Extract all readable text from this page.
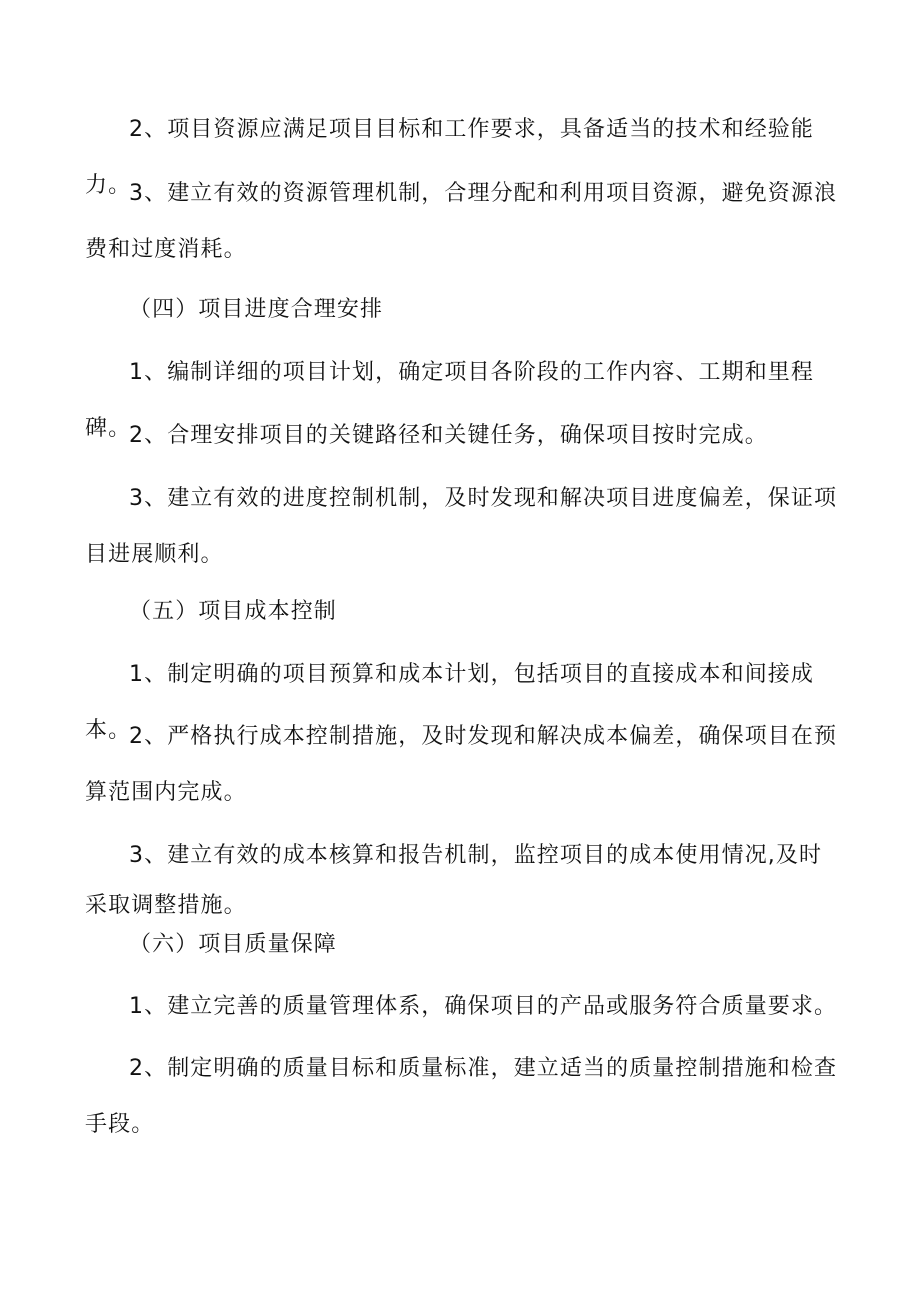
2、项目资源应满足项目目标和工作要求，具备适当的技术和经验能力。

3、建立有效的资源管理机制，合理分配和利用项目资源，避免资源浪费和过度消耗。

（四）项目进度合理安排

1、编制详细的项目计划，确定项目各阶段的工作内容、工期和里程碑。

2、合理安排项目的关键路径和关键任务，确保项目按时完成。

3、建立有效的进度控制机制，及时发现和解决项目进度偏差，保证项目进展顺利。

（五）项目成本控制

1、制定明确的项目预算和成本计划，包括项目的直接成本和间接成本。

2、严格执行成本控制措施，及时发现和解决成本偏差，确保项目在预算范围内完成。

3、建立有效的成本核算和报告机制，监控项目的成本使用情况,及时采取调整措施。

（六）项目质量保障

1、建立完善的质量管理体系，确保项目的产品或服务符合质量要求。

2、制定明确的质量目标和质量标准，建立适当的质量控制措施和检查手段。
